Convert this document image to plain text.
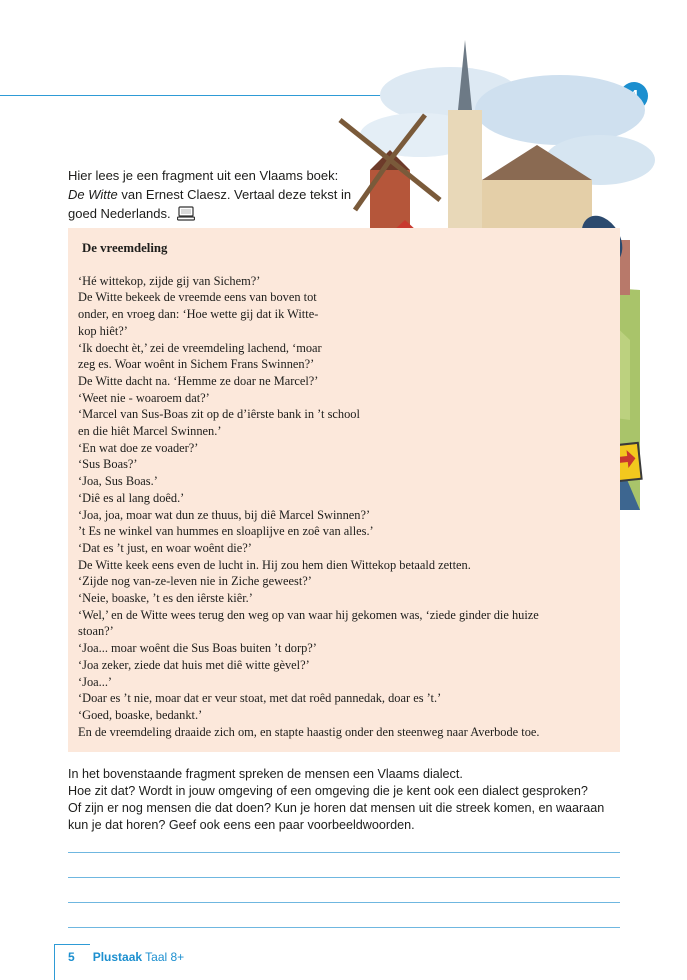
Hier lees je een fragment uit een Vlaams boek:
De Witte van Ernest Claesz. Vertaal deze tekst in
goed Nederlands.
De vreemdeling
‘Hé wittekop, zijde gij van Sichem?’
De Witte bekeek de vreemde eens van boven tot
onder, en vroeg dan: ‘Hoe wette gij dat ik Witte-
kop hiêt?’
‘Ik doecht èt,’ zei de vreemdeling lachend, ‘moar
zeg es. Woar woênt in Sichem Frans Swinnen?’
De Witte dacht na. ‘Hemme ze doar ne Marcel?’
‘Weet nie - woaroem dat?’
‘Marcel van Sus-Boas zit op de d’iêrste bank in ’t school
en die hiêt Marcel Swinnen.’
‘En wat doe ze voader?’
‘Sus Boas?’
‘Joa, Sus Boas.’
‘Diê es al lang doêd.’
‘Joa, joa, moar wat dun ze thuus, bij diê Marcel Swinnen?’
’t Es ne winkel van hummes en sloaplijve en zoê van alles.’
‘Dat es ’t just, en woar woênt die?’
De Witte keek eens even de lucht in. Hij zou hem dien Wittekop betaald zetten.
‘Zijde nog van-ze-leven nie in Ziche geweest?’
‘Neie, boaske, ’t es den iêrste kiêr.’
‘Wel,’ en de Witte wees terug den weg op van waar hij gekomen was, ‘ziede ginder die huize
stoan?’
‘Joa... moar woênt die Sus Boas buiten ’t dorp?’
‘Joa zeker, ziede dat huis met diê witte gèvel?’
‘Joa...’
‘Doar es ’t nie, moar dat er veur stoat, met dat roêd pannedak, doar es ’t.’
‘Goed, boaske, bedankt.’
En de vreemdeling draaide zich om, en stapte haastig onder den steenweg naar Averbode toe.
In het bovenstaande fragment spreken de mensen een Vlaams dialect.
Hoe zit dat? Wordt in jouw omgeving of een omgeving die je kent ook een dialect gesproken?
Of zijn er nog mensen die dat doen? Kun je horen dat mensen uit die streek komen, en waaraan
kun je dat horen? Geef ook eens een paar voorbeeldwoorden.
5 Plustaak Taal 8+
